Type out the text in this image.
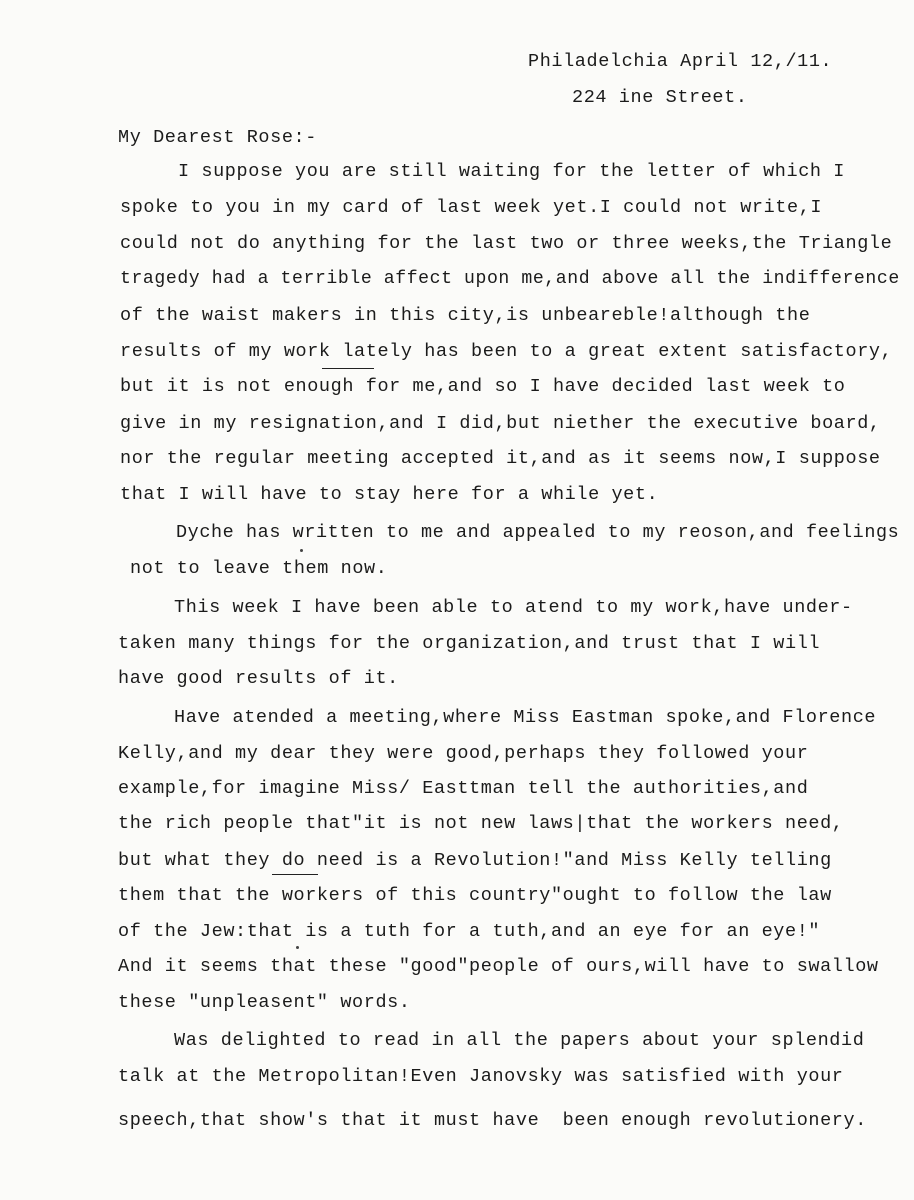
Philadelchia April 12,/11.
224 ine Street.
My Dearest Rose:-
I suppose you are still waiting for the letter of which I
spoke to you in my card of last week yet.I could not write,I
could not do anything for the last two or three weeks,the Triangle
tragedy had a terrible affect upon me,and above all the indifference
of the waist makers in this city,is unbeareble!although the
results of my work lately has been to a great extent satisfactory,
but it is not enough for me,and so I have decided last week to
give in my resignation,and I did,but niether the executive board,
nor the regular meeting accepted it,and as it seems now,I suppose
that I will have to stay here for a while yet.
Dyche has written to me and appealed to my reoson,and feelings
not to leave them now.
This week I have been able to atend to my work,have under-
taken many things for the organization,and trust that I will
have good results of it.
Have atended a meeting,where Miss Eastman spoke,and Florence
Kelly,and my dear they were good,perhaps they followed your
example,for imagine Miss/ Easttman tell the authorities,and
the rich people that"it is not new laws|that the workers need,
but what they do need is a Revolution!"and Miss Kelly telling
them that the workers of this country"ought to follow the law
of the Jew:that is a tuth for a tuth,and an eye for an eye!"
And it seems that these "good"people of ours,will have to swallow
these "unpleasent" words.
Was delighted to read in all the papers about your splendid
talk at the Metropolitan!Even Janovsky was satisfied with your
speech,that show's that it must have  been enough revolutionery.
